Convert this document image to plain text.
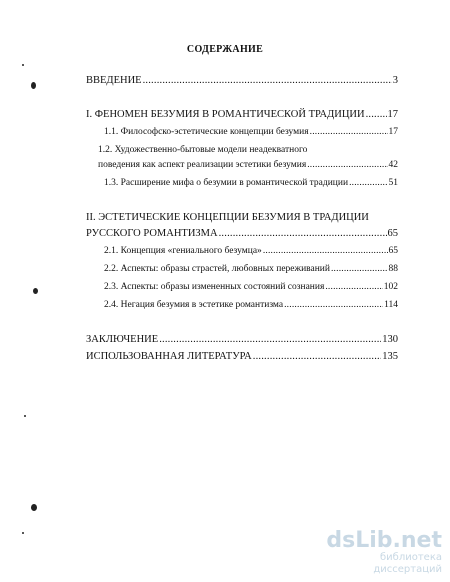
СОДЕРЖАНИЕ
ВВЕДЕНИЕ .....	3
I. ФЕНОМЕН БЕЗУМИЯ В РОМАНТИЧЕСКОЙ ТРАДИЦИИ ..... 17
1.1. Философско-эстетические концепции безумия .....	17
1.2. Художественно-бытовые модели неадекватного
поведения как аспект реализации эстетики безумия .....	42
1.3. Расширение мифа о безумии в романтической традиции .....	51
II. ЭСТЕТИЧЕСКИЕ КОНЦЕПЦИИ БЕЗУМИЯ В ТРАДИЦИИ
РУССКОГО РОМАНТИЗМА .....	65
2.1. Концепция «гениального безумца» .....	65
2.2. Аспекты: образы страстей, любовных переживаний .....	88
2.3. Аспекты: образы измененных состояний сознания .....	102
2.4. Негация безумия в эстетике романтизма .....	114
ЗАКЛЮЧЕНИЕ .....	130
ИСПОЛЬЗОВАННАЯ ЛИТЕРАТУРА .....	135
dsLib.net
библиотека диссертаций
